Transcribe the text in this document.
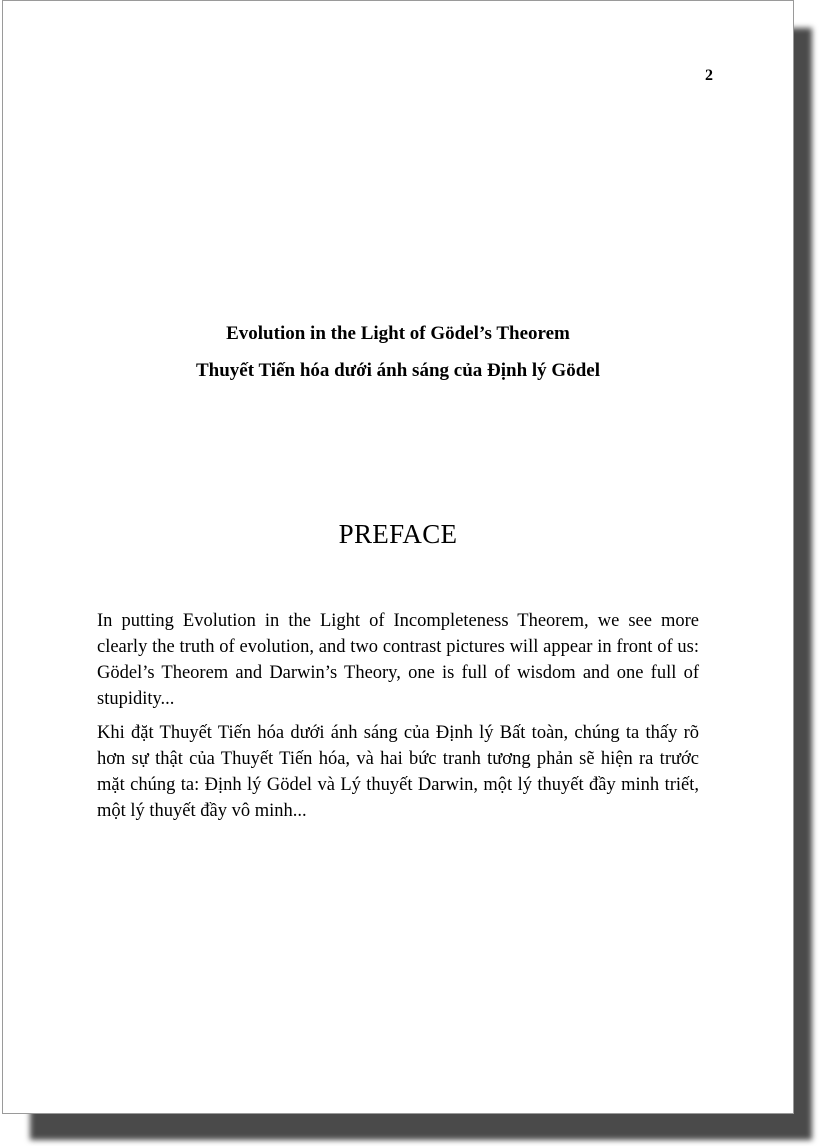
2

Evolution in the Light of Gödel’s Theorem

Thuyết Tiến hóa dưới ánh sáng của Định lý Gödel

PREFACE

In putting Evolution in the Light of Incompleteness Theorem, we see more clearly the truth of evolution, and two contrast pictures will appear in front of us: Gödel’s Theorem and Darwin’s Theory, one is full of wisdom and one full of stupidity...

Khi đặt Thuyết Tiến hóa dưới ánh sáng của Định lý Bất toàn, chúng ta thấy rõ hơn sự thật của Thuyết Tiến hóa, và hai bức tranh tương phản sẽ hiện ra trước mặt chúng ta: Định lý Gödel và Lý thuyết Darwin, một lý thuyết đầy minh triết, một lý thuyết đầy vô minh...
